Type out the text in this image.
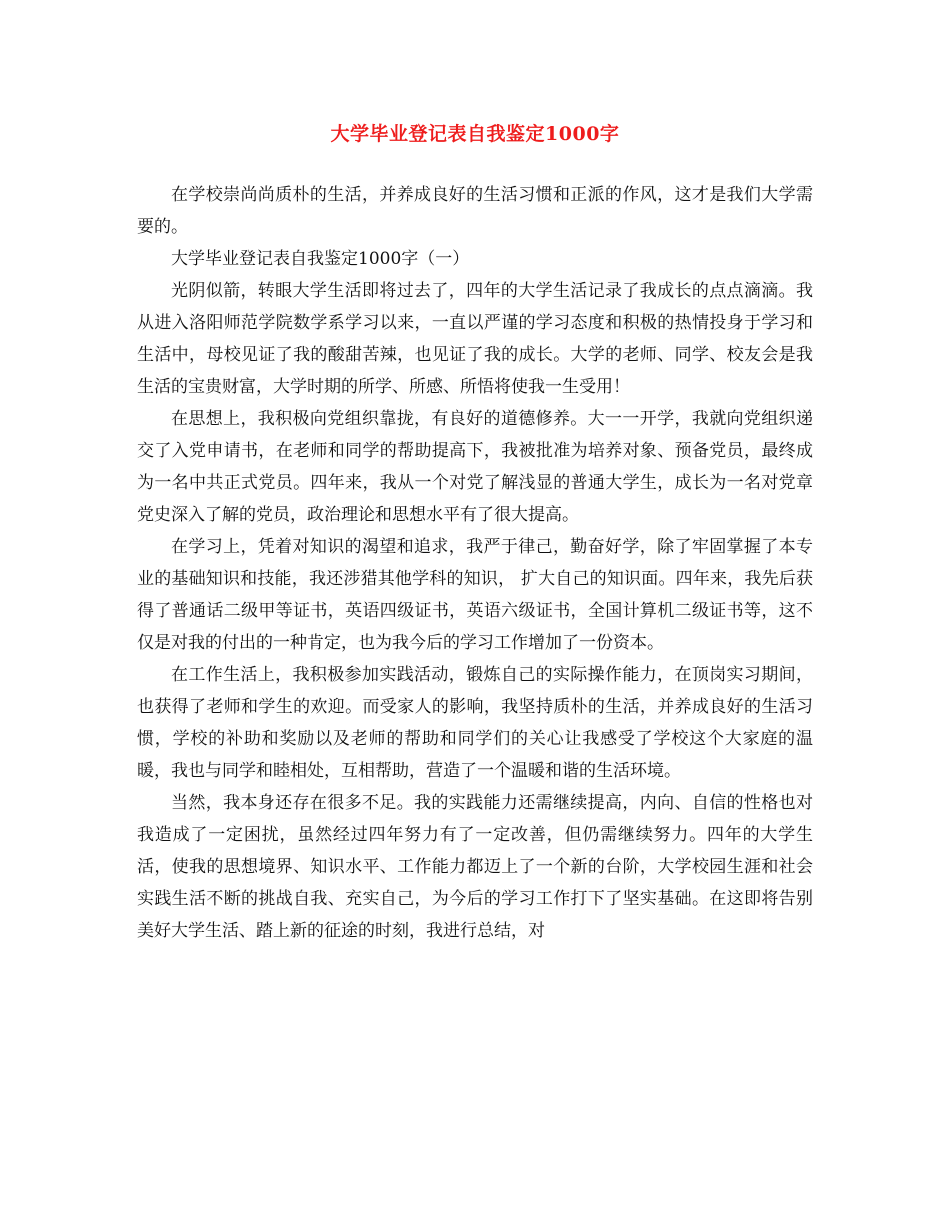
大学毕业登记表自我鉴定1000字

在学校崇尚尚质朴的生活，并养成良好的生活习惯和正派的作风，这才是我们大学需要的。

大学毕业登记表自我鉴定1000字（一）

光阴似箭，转眼大学生活即将过去了，四年的大学生活记录了我成长的点点滴滴。我从进入洛阳师范学院数学系学习以来，一直以严谨的学习态度和积极的热情投身于学习和生活中，母校见证了我的酸甜苦辣，也见证了我的成长。大学的老师、同学、校友会是我生活的宝贵财富，大学时期的所学、所感、所悟将使我一生受用！

在思想上，我积极向党组织靠拢，有良好的道德修养。大一一开学，我就向党组织递交了入党申请书，在老师和同学的帮助提高下，我被批准为培养对象、预备党员，最终成为一名中共正式党员。四年来，我从一个对党了解浅显的普通大学生，成长为一名对党章党史深入了解的党员，政治理论和思想水平有了很大提高。

在学习上，凭着对知识的渴望和追求，我严于律己，勤奋好学，除了牢固掌握了本专业的基础知识和技能，我还涉猎其他学科的知识， 扩大自己的知识面。四年来，我先后获得了普通话二级甲等证书，英语四级证书，英语六级证书，全国计算机二级证书等，这不仅是对我的付出的一种肯定，也为我今后的学习工作增加了一份资本。

在工作生活上，我积极参加实践活动，锻炼自己的实际操作能力，在顶岗实习期间，也获得了老师和学生的欢迎。而受家人的影响，我坚持质朴的生活，并养成良好的生活习惯，学校的补助和奖励以及老师的帮助和同学们的关心让我感受了学校这个大家庭的温暖，我也与同学和睦相处，互相帮助，营造了一个温暖和谐的生活环境。

当然，我本身还存在很多不足。我的实践能力还需继续提高，内向、自信的性格也对我造成了一定困扰，虽然经过四年努力有了一定改善，但仍需继续努力。四年的大学生活，使我的思想境界、知识水平、工作能力都迈上了一个新的台阶，大学校园生涯和社会实践生活不断的挑战自我、充实自己，为今后的学习工作打下了坚实基础。在这即将告别美好大学生活、踏上新的征途的时刻，我进行总结，对
